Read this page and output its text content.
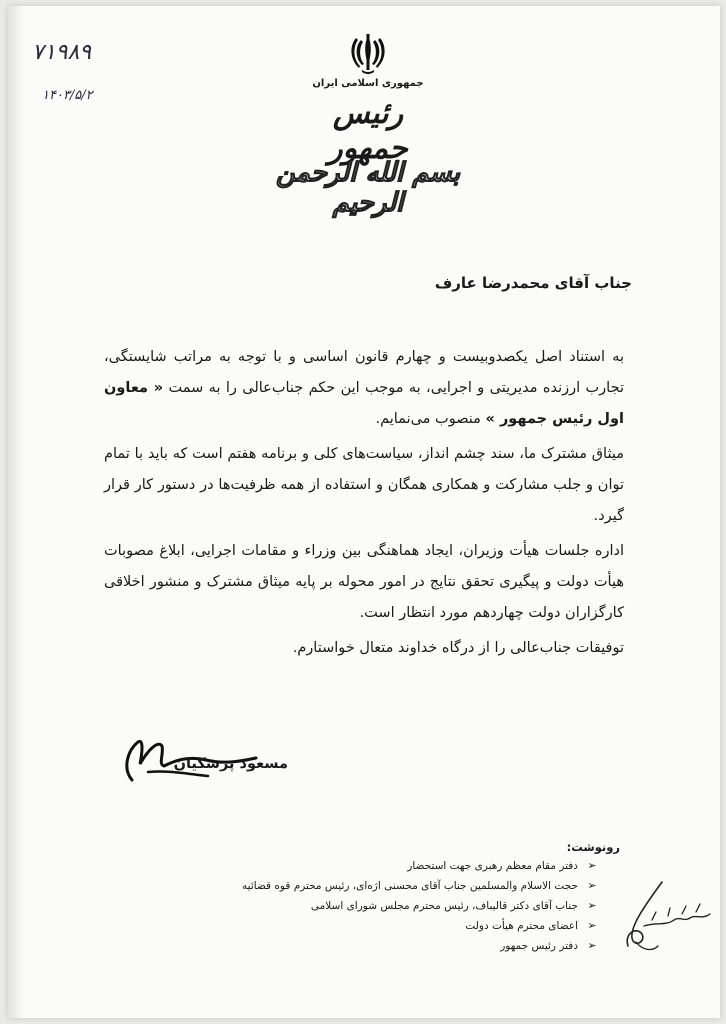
۷۱۹۸۹
۱۴۰۳/۵/۲
جمهوری اسلامی ایران
رئیس جمهور
بسم الله الرحمن الرحیم
جناب آقای محمدرضا عارف

به استناد اصل یکصدوبیست و چهارم قانون اساسی و با توجه به مراتب شایستگی، تجارب ارزنده مدیریتی و اجرایی، به موجب این حکم جناب‌عالی را به سمت « معاون اول رئیس جمهور » منصوب می‌نمایم.

میثاق مشترک ما، سند چشم انداز، سیاست‌های کلی و برنامه هفتم است که باید با تمام توان و جلب مشارکت و همکاری همگان و استفاده از همه ظرفیت‌ها در دستور کار قرار گیرد.

اداره جلسات هیأت وزیران، ایجاد هماهنگی بین وزراء و مقامات اجرایی، ابلاغ مصوبات هیأت دولت و پیگیری تحقق نتایج در امور محوله بر پایه میثاق مشترک و منشور اخلاقی کارگزاران دولت چهاردهم مورد انتظار است.

توفیقات جناب‌عالی را از درگاه خداوند متعال خواستارم.

مسعود پزشکیان
رونوشت:
➢
دفتر مقام معظم رهبری جهت استحضار
➢
حجت الاسلام والمسلمین جناب آقای محسنی اژه‌ای، رئیس محترم قوه قضائیه
➢
جناب آقای دکتر قالیباف، رئیس محترم مجلس شورای اسلامی
➢
اعضای محترم هیأت دولت
➢
دفتر رئیس جمهور
